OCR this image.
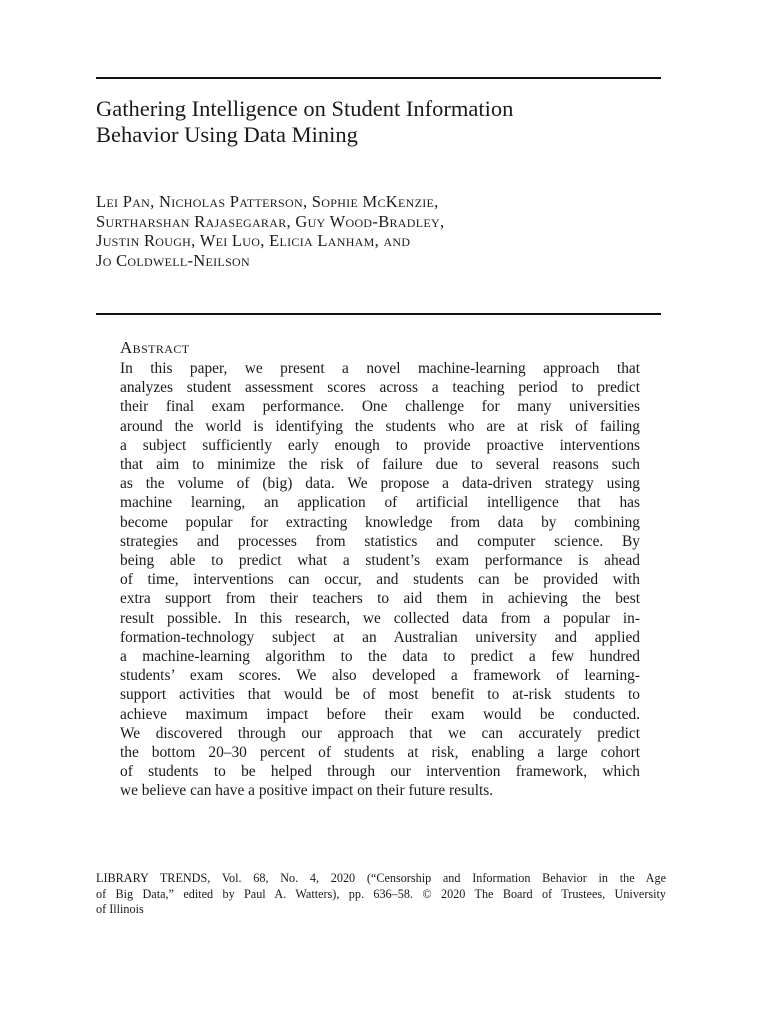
Gathering Intelligence on Student Information
Behavior Using Data Mining
Lei Pan, Nicholas Patterson, Sophie McKenzie,
Surtharshan Rajasegarar, Guy Wood-Bradley,
Justin Rough, Wei Luo, Elicia Lanham, and
Jo Coldwell-Neilson
Abstract
In this paper, we present a novel machine-learning approach that
analyzes student assessment scores across a teaching period to predict
their final exam performance. One challenge for many universities
around the world is identifying the students who are at risk of failing
a subject sufficiently early enough to provide proactive interventions
that aim to minimize the risk of failure due to several reasons such
as the volume of (big) data. We propose a data-driven strategy using
machine learning, an application of artificial intelligence that has
become popular for extracting knowledge from data by combining
strategies and processes from statistics and computer science. By
being able to predict what a student’s exam performance is ahead
of time, interventions can occur, and students can be provided with
extra support from their teachers to aid them in achieving the best
result possible. In this research, we collected data from a popular in-
formation-technology subject at an Australian university and applied
a machine-learning algorithm to the data to predict a few hundred
students’ exam scores. We also developed a framework of learning-
support activities that would be of most benefit to at-risk students to
achieve maximum impact before their exam would be conducted.
We discovered through our approach that we can accurately predict
the bottom 20–30 percent of students at risk, enabling a large cohort
of students to be helped through our intervention framework, which
we believe can have a positive impact on their future results.
LIBRARY TRENDS, Vol. 68, No. 4, 2020 (“Censorship and Information Behavior in the Age
of Big Data,” edited by Paul A. Watters), pp. 636–58. © 2020 The Board of Trustees, University
of Illinois
